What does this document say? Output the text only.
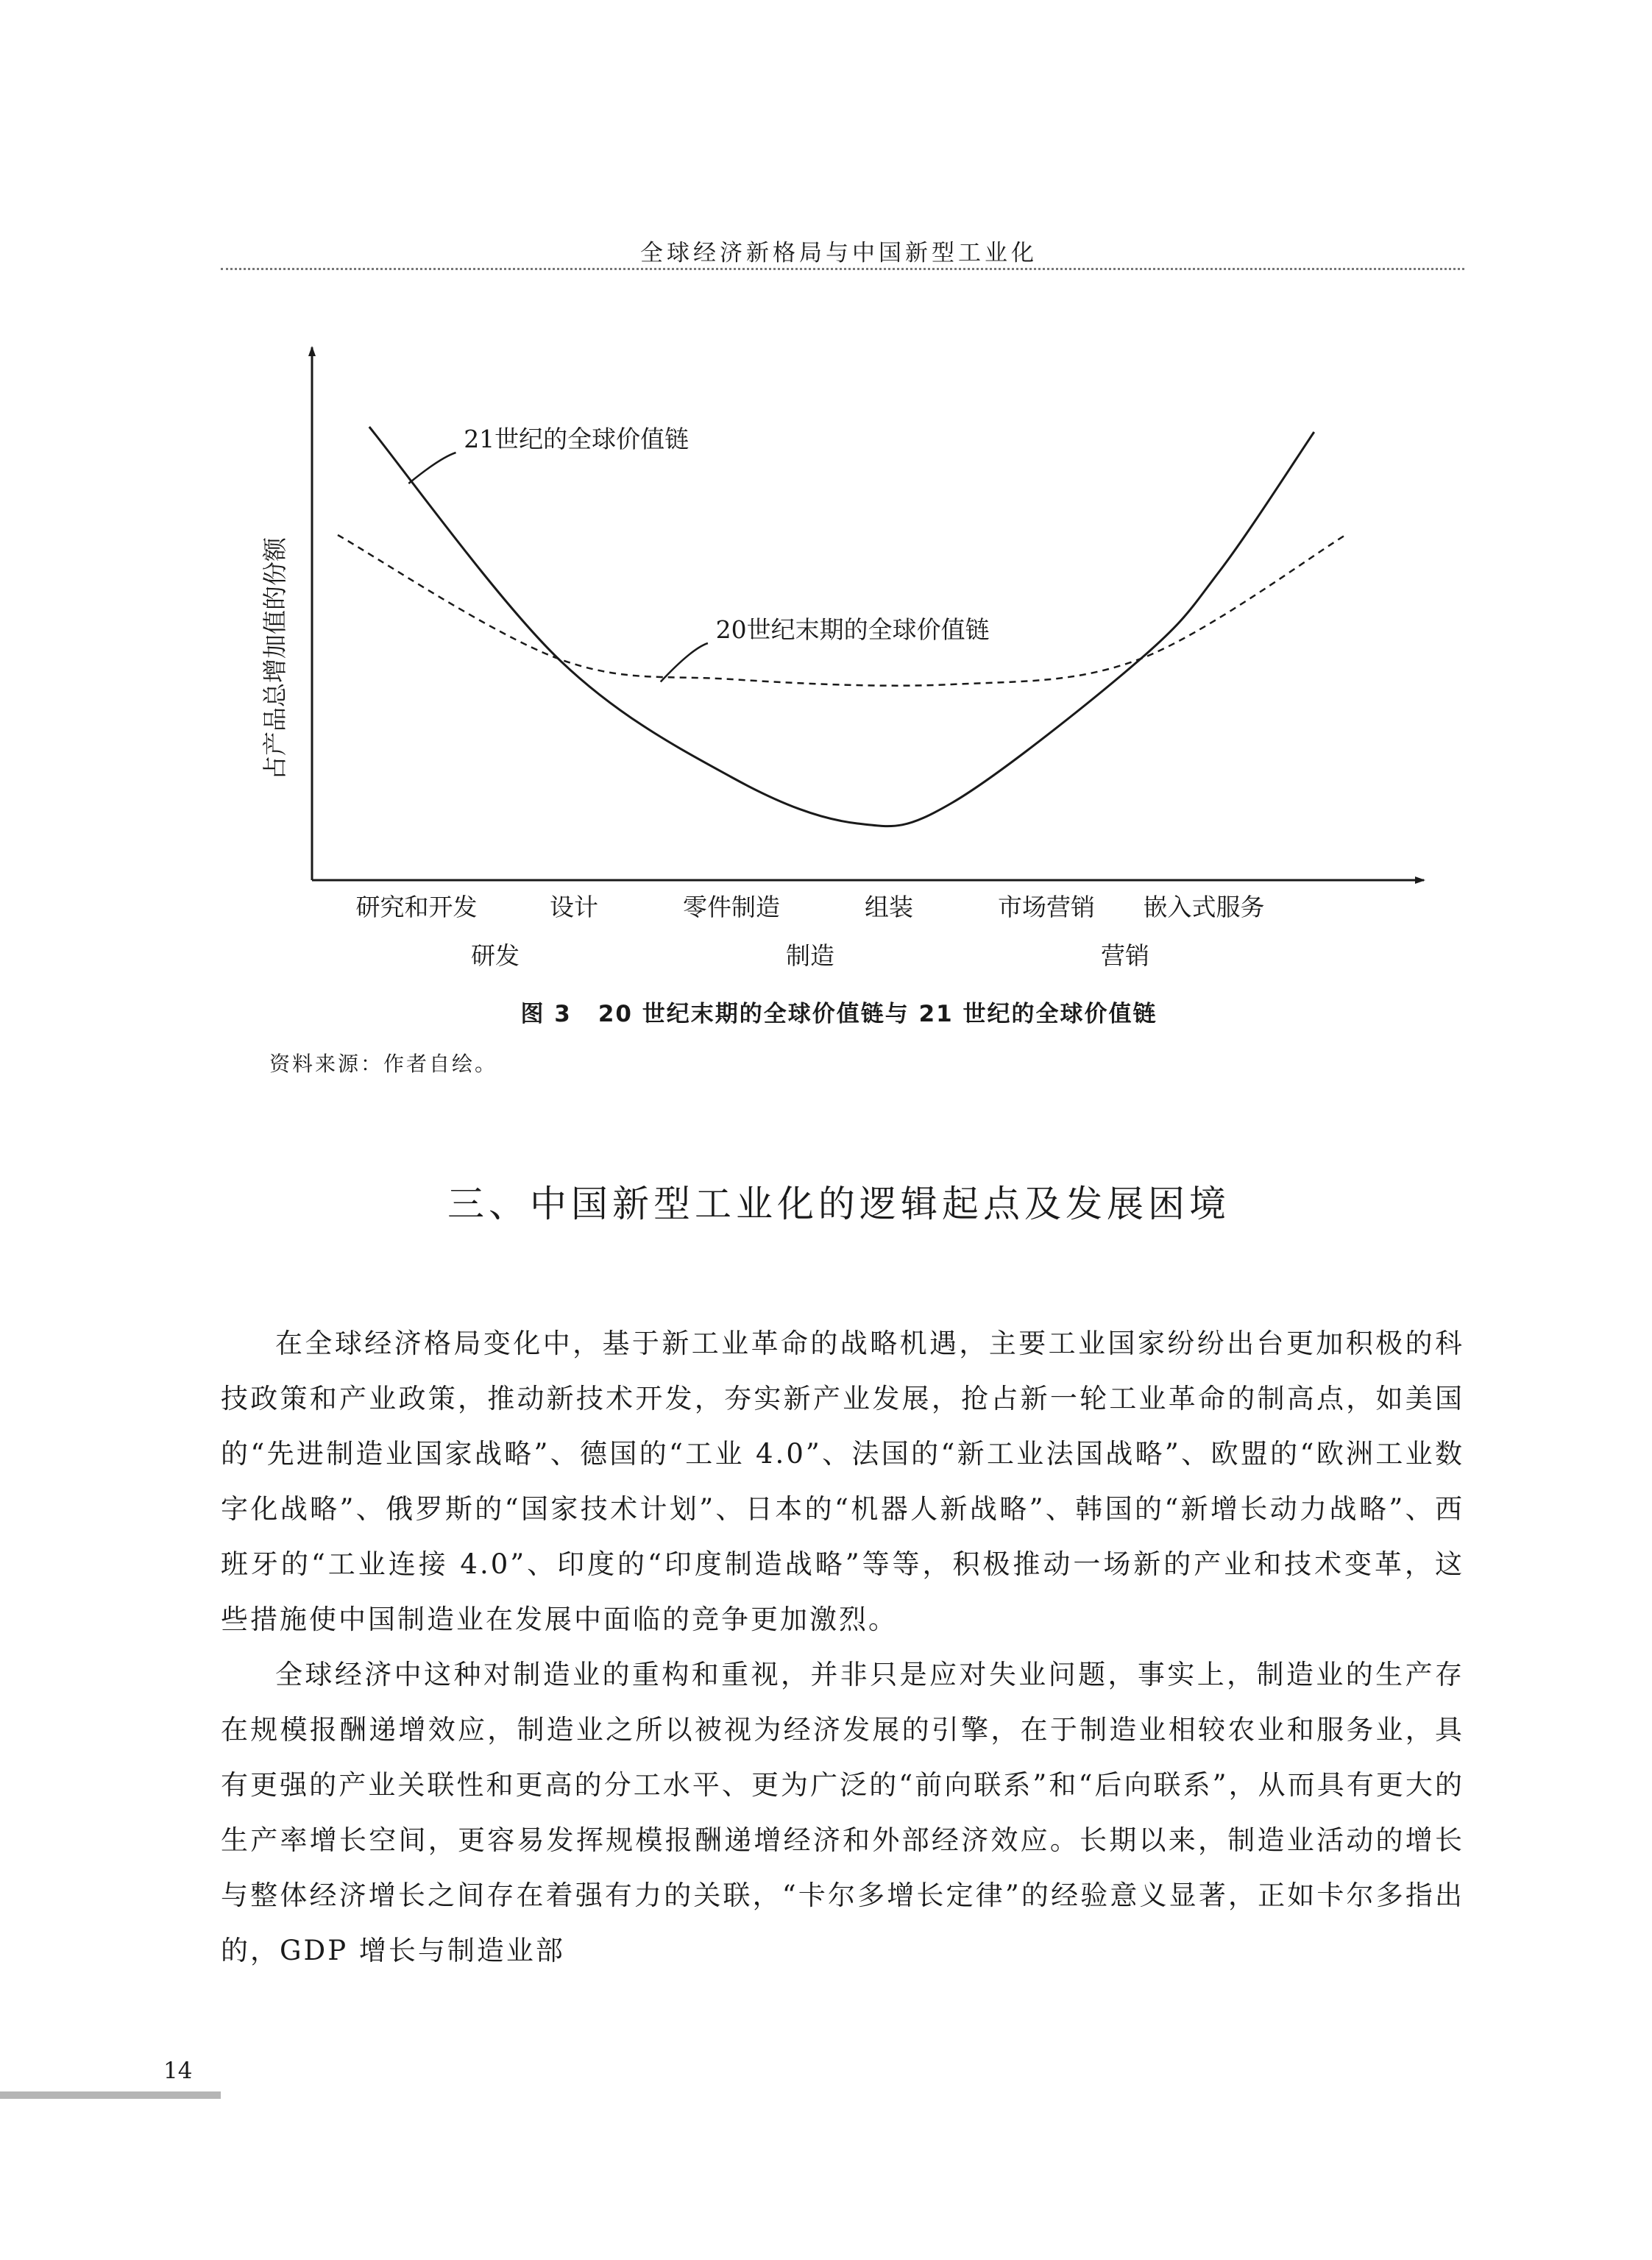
全球经济新格局与中国新型工业化
占产品总增加值的份额
21世纪的全球价值链
20世纪末期的全球价值链
研究和开发	设计	零件制造	组装	市场营销 嵌入式服务
研发	制造	营销
图 3 20 世纪末期的全球价值链与 21 世纪的全球价值链
资料来源：作者自绘。
三、中国新型工业化的逻辑起点及发展困境

在全球经济格局变化中，基于新工业革命的战略机遇，主要工业国家纷纷出台更加积极的科技政策和产业政策，推动新技术开发，夯实新产业发展，抢占新一轮工业革命的制高点，如美国的“先进制造业国家战略”、德国的“工业 4.0”、法国的“新工业法国战略”、欧盟的“欧洲工业数字化战略”、俄罗斯的“国家技术计划”、日本的“机器人新战略”、韩国的“新增长动力战略”、西班牙的“工业连接 4.0”、印度的“印度制造战略”等等，积极推动一场新的产业和技术变革，这些措施使中国制造业在发展中面临的竞争更加激烈。

全球经济中这种对制造业的重构和重视，并非只是应对失业问题，事实上，制造业的生产存在规模报酬递增效应，制造业之所以被视为经济发展的引擎，在于制造业相较农业和服务业，具有更强的产业关联性和更高的分工水平、更为广泛的“前向联系”和“后向联系”，从而具有更大的生产率增长空间，更容易发挥规模报酬递增经济和外部经济效应。长期以来，制造业活动的增长与整体经济增长之间存在着强有力的关联，“卡尔多增长定律”的经验意义显著，正如卡尔多指出的，GDP 增长与制造业部

14
